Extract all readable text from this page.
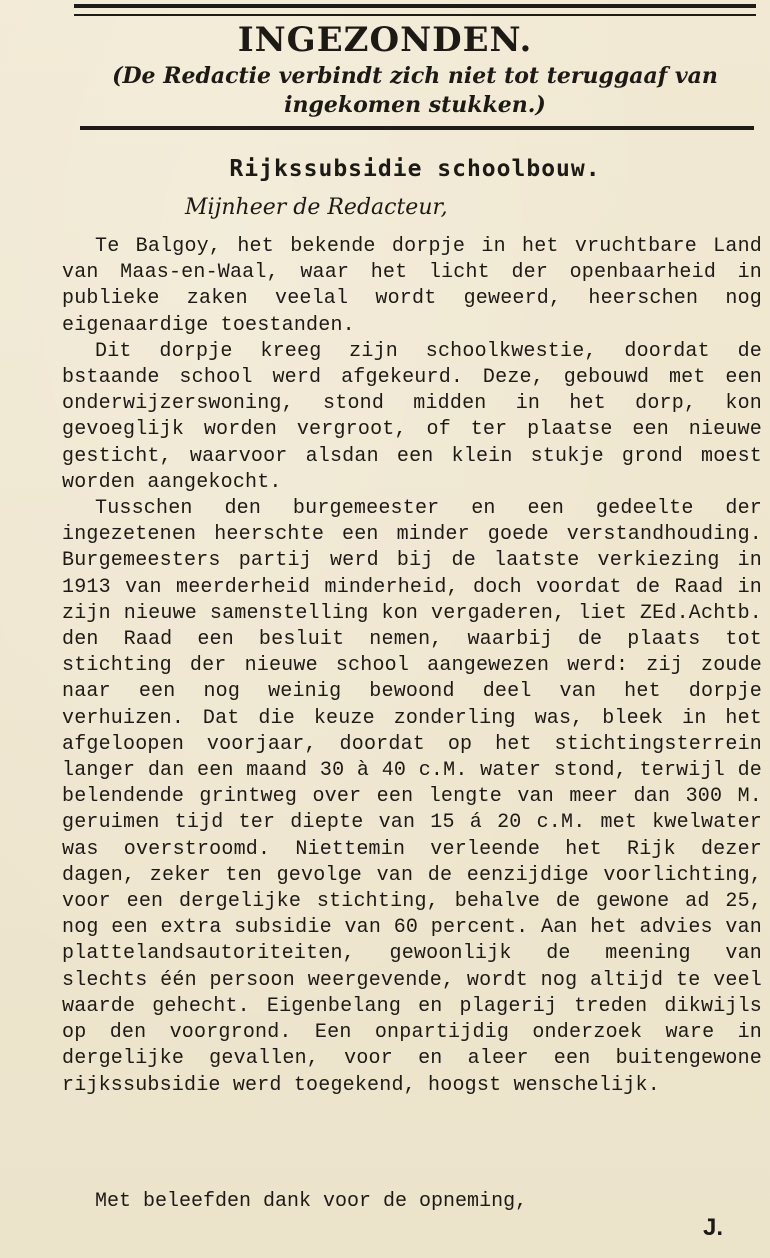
INGEZONDEN.
(De Redactie verbindt zich niet tot teruggaaf van ingekomen stukken.)
Rijkssubsidie schoolbouw.
Mijnheer de Redacteur,

Te Balgoy, het bekende dorpje in het vruchtbare Land van Maas-en-Waal, waar het licht der openbaarheid in publieke zaken veelal wordt geweerd, heerschen nog eigenaardige toestanden.

Dit dorpje kreeg zijn schoolkwestie, doordat de bstaande school werd afgekeurd. Deze, gebouwd met een onderwijzerswoning, stond midden in het dorp, kon gevoeglijk worden vergroot, of ter plaatse een nieuwe gesticht, waarvoor alsdan een klein stukje grond moest worden aangekocht.

Tusschen den burgemeester en een gedeelte der ingezetenen heerschte een minder goede verstandhouding. Burgemeesters partij werd bij de laatste verkiezing in 1913 van meerderheid minderheid, doch voordat de Raad in zijn nieuwe samenstelling kon vergaderen, liet ZEd.Achtb. den Raad een besluit nemen, waarbij de plaats tot stichting der nieuwe school aangewezen werd: zij zoude naar een nog weinig bewoond deel van het dorpje verhuizen. Dat die keuze zonderling was, bleek in het afgeloopen voorjaar, doordat op het stichtingsterrein langer dan een maand 30 à 40 c.M. water stond, terwijl de belendende grintweg over een lengte van meer dan 300 M. geruimen tijd ter diepte van 15 á 20 c.M. met kwelwater was overstroomd. Niettemin verleende het Rijk dezer dagen, zeker ten gevolge van de eenzijdige voorlichting, voor een dergelijke stichting, behalve de gewone ad 25, nog een extra subsidie van 60 percent. Aan het advies van plattelandsautoriteiten, gewoonlijk de meening van slechts één persoon weergevende, wordt nog altijd te veel waarde gehecht. Eigenbelang en plagerij treden dikwijls op den voorgrond. Een onpartijdig onderzoek ware in dergelijke gevallen, voor en aleer een buitengewone rijkssubsidie werd toegekend, hoogst wenschelijk.

Met beleefden dank voor de opneming,
J.
